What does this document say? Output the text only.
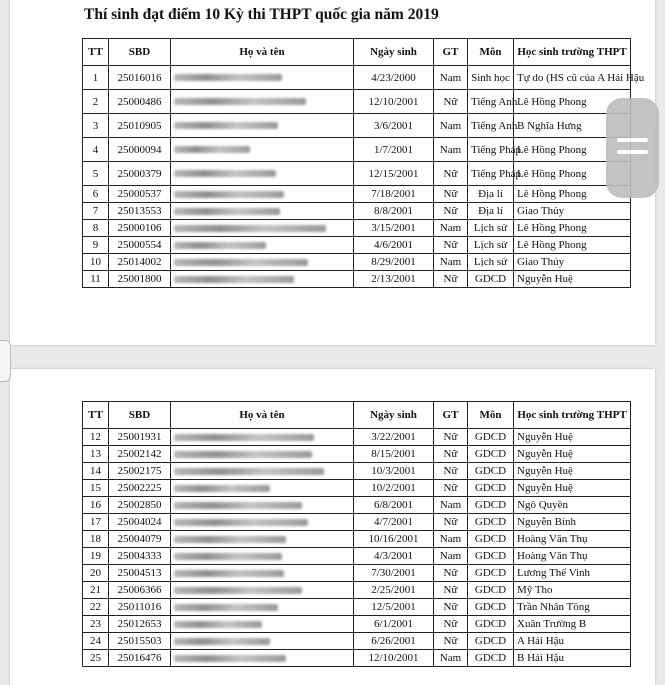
Thí sinh đạt điểm 10 Kỳ thi THPT quốc gia năm 2019
TT	SBD	Họ và tên	Ngày sinh	GT	Môn	Học sinh trường THPT
1	25016016		4/23/2000	Nam	Sinh học	Tự do (HS cũ của A Hải Hậu
2	25000486		12/10/2001	Nữ	Tiếng Anh	Lê Hồng Phong
3	25010905		3/6/2001	Nam	Tiếng Anh	B Nghĩa Hưng
4	25000094		1/7/2001	Nam	Tiếng Pháp	Lê Hồng Phong
5	25000379		12/15/2001	Nữ	Tiếng Pháp	Lê Hồng Phong
6	25000537		7/18/2001	Nữ	Địa lí	Lê Hồng Phong
7	25013553		8/8/2001	Nữ	Địa lí	Giao Thủy
8	25000106		3/15/2001	Nam	Lịch sử	Lê Hồng Phong
9	25000554		4/6/2001	Nữ	Lịch sử	Lê Hồng Phong
10	25014002		8/29/2001	Nam	Lịch sử	Giao Thủy
11	25001800		2/13/2001	Nữ	GDCD	Nguyễn Huệ
TT	SBD	Họ và tên	Ngày sinh	GT	Môn	Học sinh trường THPT
12	25001931		3/22/2001	Nữ	GDCD	Nguyễn Huệ
13	25002142		8/15/2001	Nữ	GDCD	Nguyễn Huệ
14	25002175		10/3/2001	Nữ	GDCD	Nguyễn Huệ
15	25002225		10/2/2001	Nữ	GDCD	Nguyễn Huệ
16	25002850		6/8/2001	Nam	GDCD	Ngô Quyền
17	25004024		4/7/2001	Nữ	GDCD	Nguyễn Bính
18	25004079		10/16/2001	Nam	GDCD	Hoàng Văn Thụ
19	25004333		4/3/2001	Nam	GDCD	Hoàng Văn Thụ
20	25004513		7/30/2001	Nữ	GDCD	Lương Thế Vinh
21	25006366		2/25/2001	Nữ	GDCD	Mỹ Tho
22	25011016		12/5/2001	Nữ	GDCD	Trần Nhân Tông
23	25012653		6/1/2001	Nữ	GDCD	Xuân Trường B
24	25015503		6/26/2001	Nữ	GDCD	A Hải Hậu
25	25016476		12/10/2001	Nam	GDCD	B Hải Hậu
